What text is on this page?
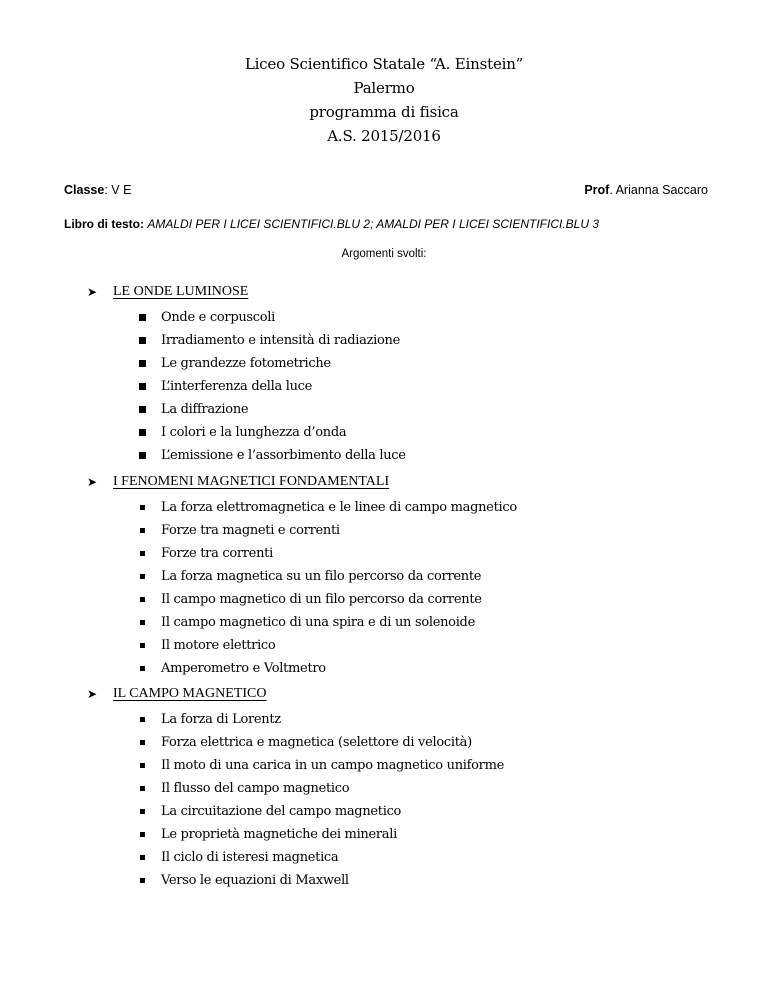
Liceo Scientifico Statale “A. Einstein”
Palermo
programma di fisica
A.S. 2015/2016
Classe: V E	Prof. Arianna Saccaro
Libro di testo: AMALDI PER I LICEI SCIENTIFICI.BLU 2; AMALDI PER I LICEI SCIENTIFICI.BLU 3
Argomenti svolti:
➤ LE ONDE LUMINOSE
Onde e corpuscoli
Irradiamento e intensità di radiazione
Le grandezze fotometriche
L’interferenza della luce
La diffrazione
I colori e la lunghezza d’onda
L’emissione e l’assorbimento della luce
➤ I FENOMENI MAGNETICI FONDAMENTALI
La forza elettromagnetica e le linee di campo magnetico
Forze tra magneti e correnti
Forze tra correnti
La forza magnetica su un filo percorso da corrente
Il campo magnetico di un filo percorso da corrente
Il campo magnetico di una spira e di un solenoide
Il motore elettrico
Amperometro e Voltmetro
➤ IL CAMPO MAGNETICO
La forza di Lorentz
Forza elettrica e magnetica (selettore di velocità)
Il moto di una carica in un campo magnetico uniforme
Il flusso del campo magnetico
La circuitazione del campo magnetico
Le proprietà magnetiche dei minerali
Il ciclo di isteresi magnetica
Verso le equazioni di Maxwell
